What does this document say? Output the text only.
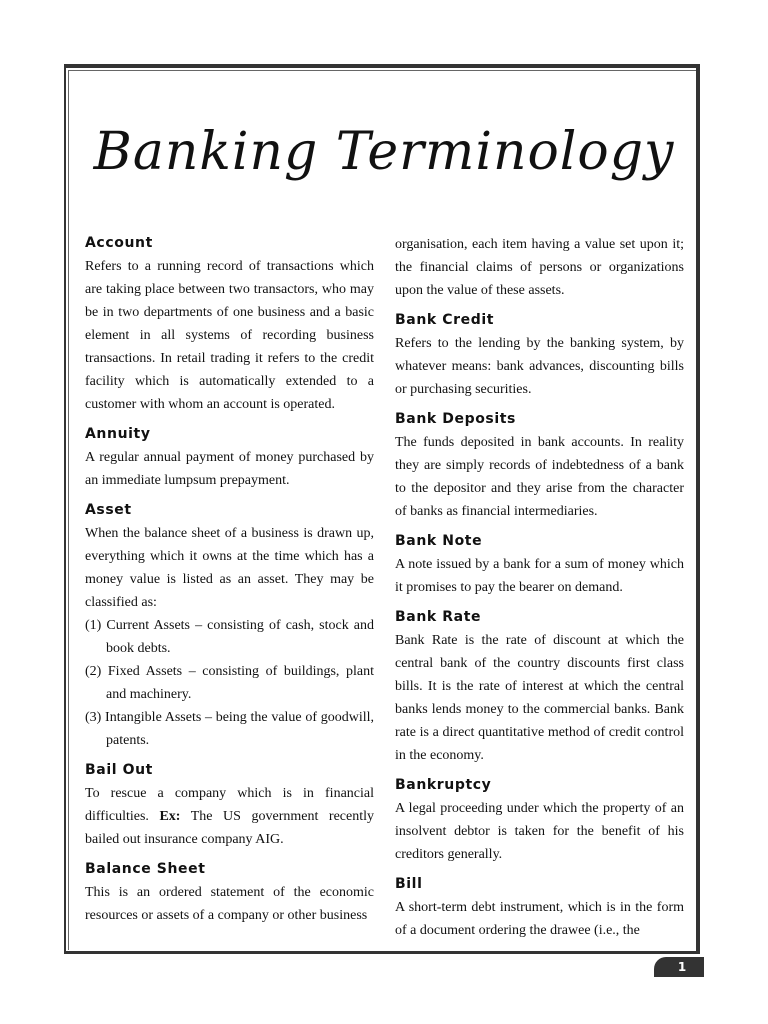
Banking Terminology
Account

Refers to a running record of transactions which are taking place between two transactors, who may be in two departments of one business and a basic element in all systems of recording business transactions. In retail trading it refers to the credit facility which is automatically extended to a customer with whom an account is operated.

Annuity

A regular annual payment of money purchased by an immediate lumpsum prepayment.

Asset

When the balance sheet of a business is drawn up, everything which it owns at the time which has a money value is listed as an asset. They may be classified as:

(1) Current Assets – consisting of cash, stock and book debts.
(2) Fixed Assets – consisting of buildings, plant and machinery.
(3) Intangible Assets – being the value of goodwill, patents.
Bail Out

To rescue a company which is in financial difficulties. Ex: The US government recently bailed out insurance company AIG.

Balance Sheet

This is an ordered statement of the economic resources or assets of a company or other business

organisation, each item having a value set upon it; the financial claims of persons or organizations upon the value of these assets.

Bank Credit

Refers to the lending by the banking system, by whatever means: bank advances, discounting bills or purchasing securities.

Bank Deposits

The funds deposited in bank accounts. In reality they are simply records of indebtedness of a bank to the depositor and they arise from the character of banks as financial intermediaries.

Bank Note

A note issued by a bank for a sum of money which it promises to pay the bearer on demand.

Bank Rate

Bank Rate is the rate of discount at which the central bank of the country discounts first class bills. It is the rate of interest at which the central banks lends money to the commercial banks. Bank rate is a direct quantitative method of credit control in the economy.

Bankruptcy

A legal proceeding under which the property of an insolvent debtor is taken for the benefit of his creditors generally.

Bill

A short-term debt instrument, which is in the form of a document ordering the drawee (i.e., the

1
